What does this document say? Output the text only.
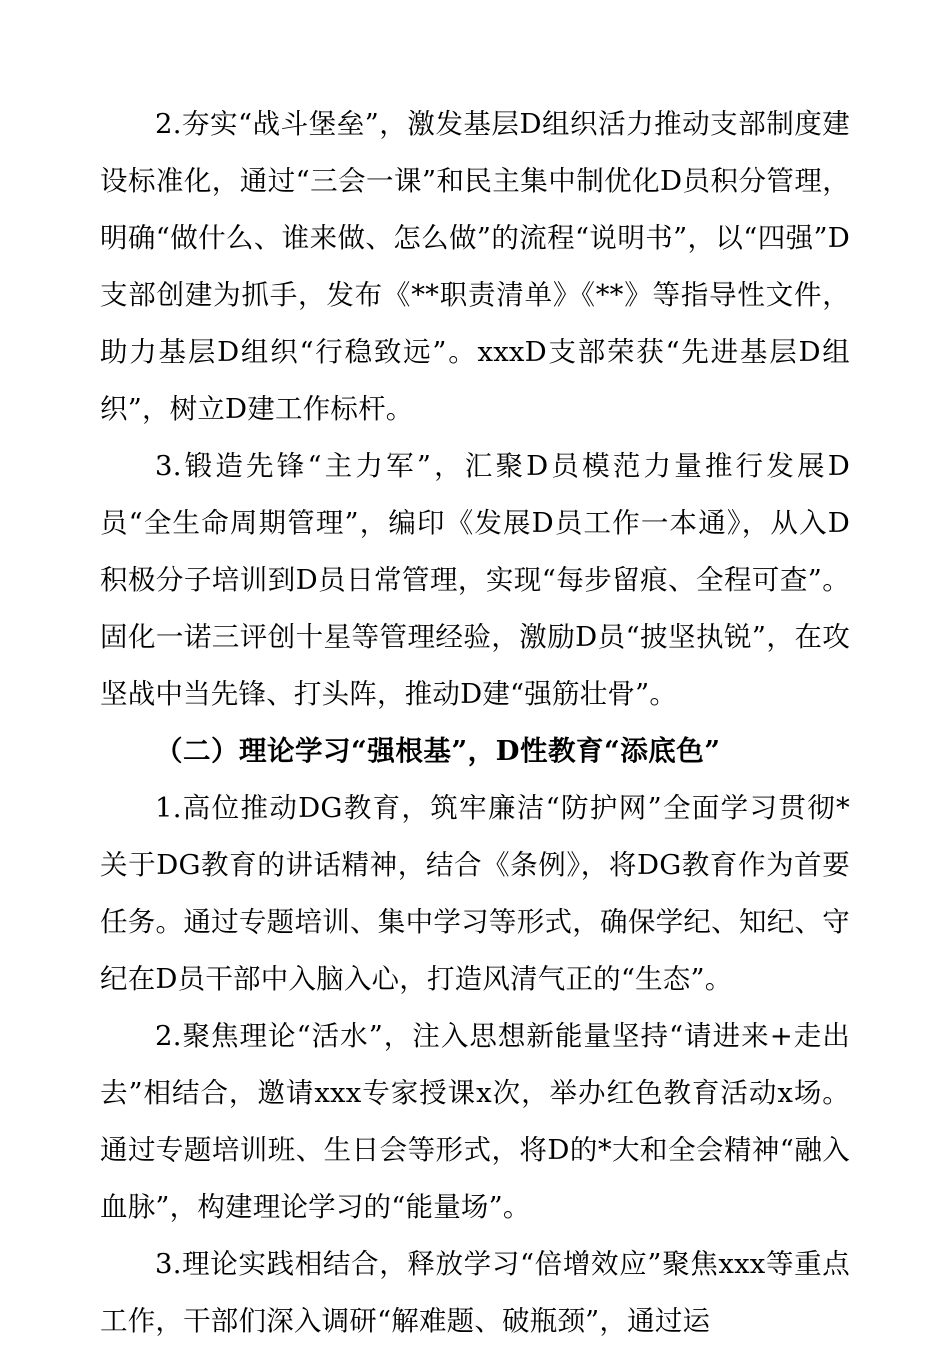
2.夯实“战斗堡垒”，激发基层D组织活力推动支部制度建设标准化，通过“三会一课”和民主集中制优化D员积分管理，明确“做什么、谁来做、怎么做”的流程“说明书”，以“四强”D支部创建为抓手，发布《**职责清单》《**》等指导性文件，助力基层D组织“行稳致远”。xxxD支部荣获“先进基层D组织”，树立D建工作标杆。

3.锻造先锋“主力军”，汇聚D员模范力量推行发展D员“全生命周期管理”，编印《发展D员工作一本通》，从入D积极分子培训到D员日常管理，实现“每步留痕、全程可查”。固化一诺三评创十星等管理经验，激励D员“披坚执锐”，在攻坚战中当先锋、打头阵，推动D建“强筋壮骨”。

（二）理论学习“强根基”，D性教育“添底色”

1.高位推动DG教育，筑牢廉洁“防护网”全面学习贯彻*关于DG教育的讲话精神，结合《条例》，将DG教育作为首要任务。通过专题培训、集中学习等形式，确保学纪、知纪、守纪在D员干部中入脑入心，打造风清气正的“生态”。

2.聚焦理论“活水”，注入思想新能量坚持“请进来+走出去”相结合，邀请xxx专家授课x次，举办红色教育活动x场。通过专题培训班、生日会等形式，将D的*大和全会精神“融入血脉”，构建理论学习的“能量场”。

3.理论实践相结合，释放学习“倍增效应”聚焦xxx等重点工作，干部们深入调研“解难题、破瓶颈”，通过运
